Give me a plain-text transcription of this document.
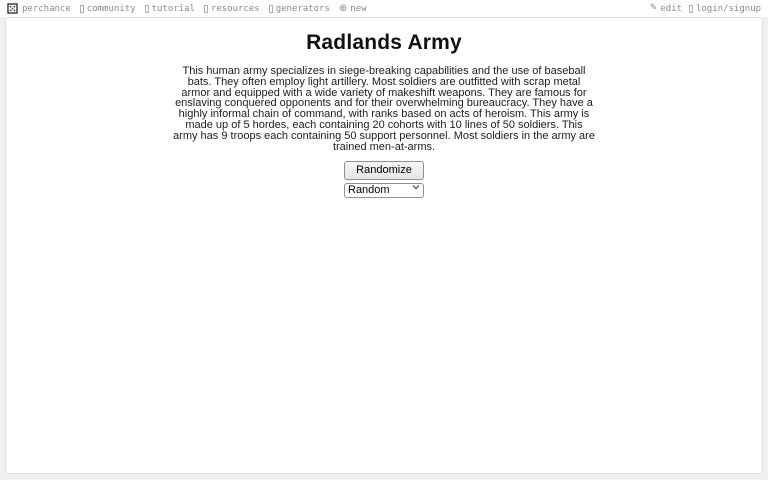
perchance community tutorial resources generators ⊕ new	✎ edit login/signup
Radlands Army

This human army specializes in siege-breaking capabilities and the use of baseball bats. They often employ light artillery. Most soldiers are outfitted with scrap metal armor and equipped with a wide variety of makeshift weapons. They are famous for enslaving conquered opponents and for their overwhelming bureaucracy. They have a highly informal chain of command, with ranks based on acts of heroism. This army is made up of 5 hordes, each containing 20 cohorts with 10 lines of 50 soldiers. This army has 9 troops each containing 50 support personnel. Most soldiers in the army are trained men-at-arms.

Randomize
Random
